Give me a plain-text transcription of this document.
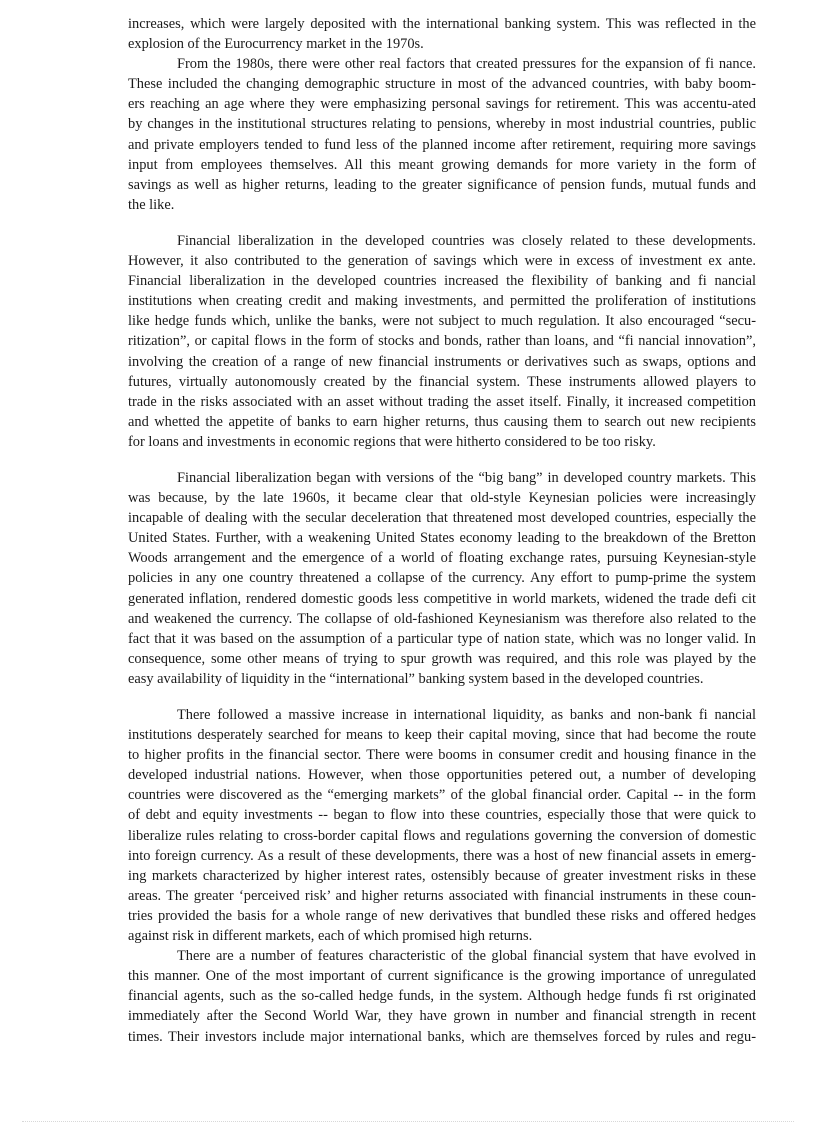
increases, which were largely deposited with the international banking system. This was reflected in the
explosion of the Eurocurrency market in the 1970s.
From the 1980s, there were other real factors that created pressures for the expansion of fi nance.
These included the changing demographic structure in most of the advanced countries, with baby boom-
ers reaching an age where they were emphasizing personal savings for retirement. This was accentu-ated
by changes in the institutional structures relating to pensions, whereby in most industrial countries, public
and private employers tended to fund less of the planned income after retirement, requiring more savings
input from employees themselves. All this meant growing demands for more variety in the form of
savings as well as higher returns, leading to the greater significance of pension funds, mutual funds and
the like.
Financial liberalization in the developed countries was closely related to these developments.
However, it also contributed to the generation of savings which were in excess of investment ex ante.
Financial liberalization in the developed countries increased the flexibility of banking and fi nancial
institutions when creating credit and making investments, and permitted the proliferation of institutions
like hedge funds which, unlike the banks, were not subject to much regulation. It also encouraged “secu-
ritization”, or capital flows in the form of stocks and bonds, rather than loans, and “fi nancial innovation”,
involving the creation of a range of new financial instruments or derivatives such as swaps, options and
futures, virtually autonomously created by the financial system. These instruments allowed players to
trade in the risks associated with an asset without trading the asset itself. Finally, it increased competition
and whetted the appetite of banks to earn higher returns, thus causing them to search out new recipients
for loans and investments in economic regions that were hitherto considered to be too risky.
Financial liberalization began with versions of the “big bang” in developed country markets. This
was because, by the late 1960s, it became clear that old-style Keynesian policies were increasingly
incapable of dealing with the secular deceleration that threatened most developed countries, especially the
United States. Further, with a weakening United States economy leading to the breakdown of the Bretton
Woods arrangement and the emergence of a world of floating exchange rates, pursuing Keynesian-style
policies in any one country threatened a collapse of the currency. Any effort to pump-prime the system
generated inflation, rendered domestic goods less competitive in world markets, widened the trade defi cit
and weakened the currency. The collapse of old-fashioned Keynesianism was therefore also related to the
fact that it was based on the assumption of a particular type of nation state, which was no longer valid. In
consequence, some other means of trying to spur growth was required, and this role was played by the
easy availability of liquidity in the “international” banking system based in the developed countries.
There followed a massive increase in international liquidity, as banks and non-bank fi nancial
institutions desperately searched for means to keep their capital moving, since that had become the route
to higher profits in the financial sector. There were booms in consumer credit and housing finance in the
developed industrial nations. However, when those opportunities petered out, a number of developing
countries were discovered as the “emerging markets” of the global financial order. Capital -- in the form
of debt and equity investments -- began to flow into these countries, especially those that were quick to
liberalize rules relating to cross-border capital flows and regulations governing the conversion of domestic
into foreign currency. As a result of these developments, there was a host of new financial assets in emerg-
ing markets characterized by higher interest rates, ostensibly because of greater investment risks in these
areas. The greater ‘perceived risk’ and higher returns associated with financial instruments in these coun-
tries provided the basis for a whole range of new derivatives that bundled these risks and offered hedges
against risk in different markets, each of which promised high returns.
There are a number of features characteristic of the global financial system that have evolved in
this manner. One of the most important of current significance is the growing importance of unregulated
financial agents, such as the so-called hedge funds, in the system. Although hedge funds fi rst originated
immediately after the Second World War, they have grown in number and financial strength in recent
times. Their investors include major international banks, which are themselves forced by rules and regu-
